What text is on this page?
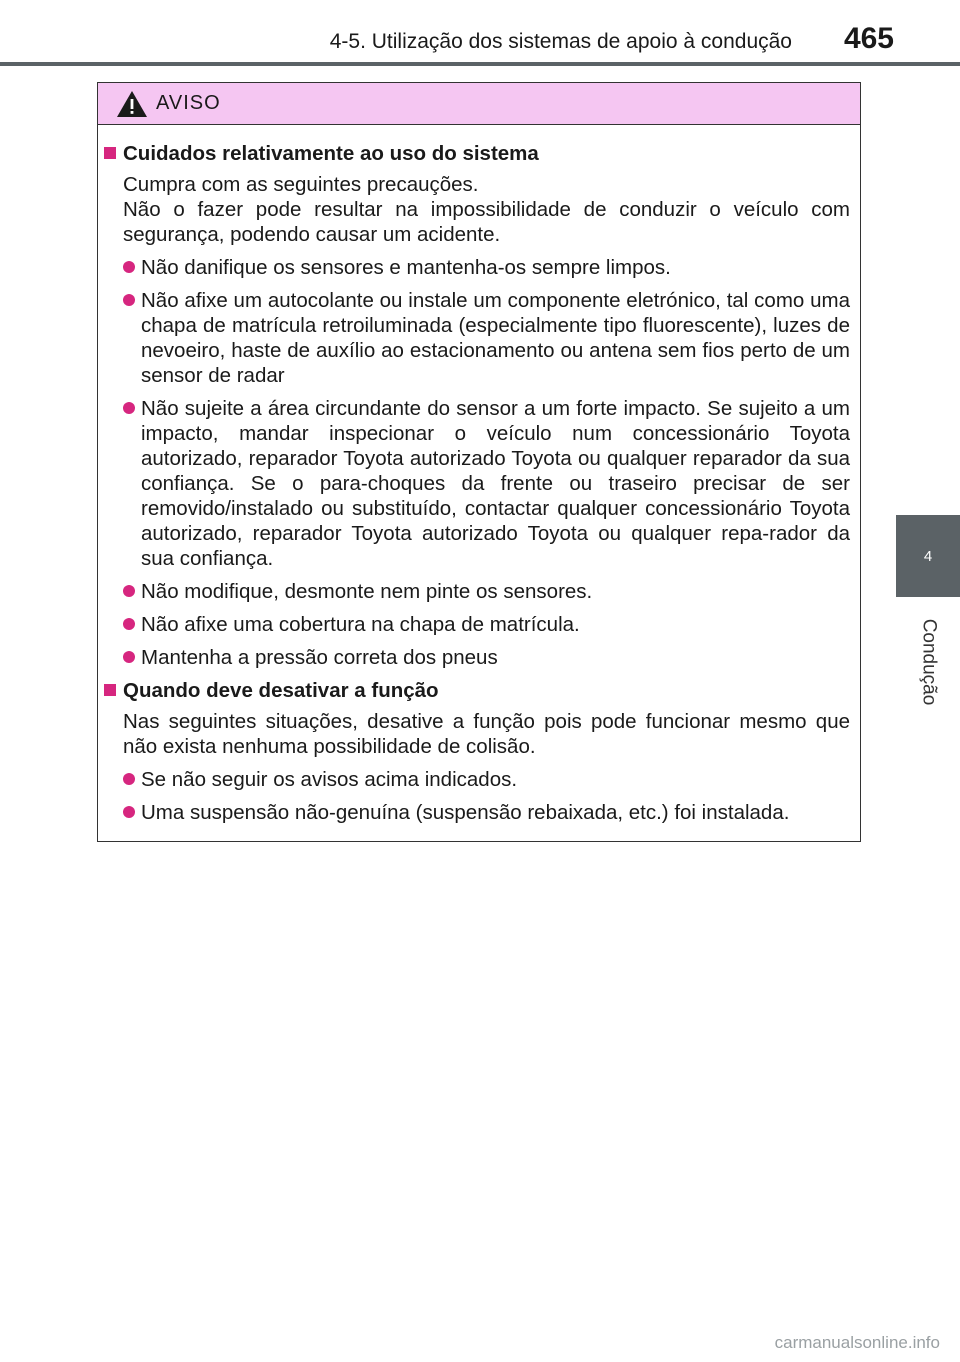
4-5. Utilização dos sistemas de apoio à condução 465
4
Condução
AVISO
Cuidados relativamente ao uso do sistema
Cumpra com as seguintes precauções.
Não o fazer pode resultar na impossibilidade de conduzir o veículo com segurança, podendo causar um acidente.
Não danifique os sensores e mantenha-os sempre limpos.
Não afixe um autocolante ou instale um componente eletrónico, tal como uma chapa de matrícula retroiluminada (especialmente tipo fluorescente), luzes de nevoeiro, haste de auxílio ao estacionamento ou antena sem fios perto de um sensor de radar
Não sujeite a área circundante do sensor a um forte impacto. Se sujeito a um impacto, mandar inspecionar o veículo num concessionário Toyota autorizado, reparador Toyota autorizado Toyota ou qualquer reparador da sua confiança. Se o para-choques da frente ou traseiro precisar de ser removido/instalado ou substituído, contactar qualquer concessionário Toyota autorizado, reparador Toyota autorizado Toyota ou qualquer repa-rador da sua confiança.
Não modifique, desmonte nem pinte os sensores.
Não afixe uma cobertura na chapa de matrícula.
Mantenha a pressão correta dos pneus
Quando deve desativar a função
Nas seguintes situações, desative a função pois pode funcionar mesmo que não exista nenhuma possibilidade de colisão.
Se não seguir os avisos acima indicados.
Uma suspensão não-genuína (suspensão rebaixada, etc.) foi instalada.
carmanualsonline.info
